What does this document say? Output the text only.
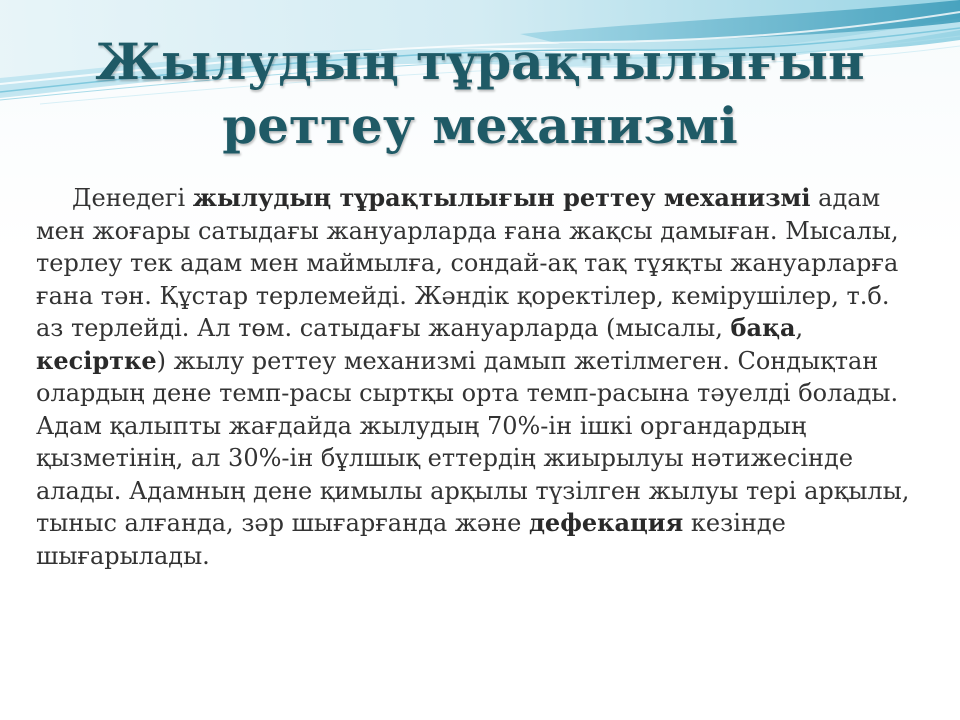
Жылудың тұрақтылығын
реттеу механизмі

Денедегі жылудың тұрақтылығын реттеу механизмі адам мен жоғары сатыдағы жануарларда ғана жақсы дамыған. Мысалы, терлеу тек адам мен маймылға, сондай-ақ тақ тұяқты жануарларға ғана тән. Құстар терлемейді. Жәндік қоректілер, кемірушілер, т.б. аз терлейді. Ал төм. сатыдағы жануарларда (мысалы, бақа, кесіртке) жылу реттеу механизмі дамып жетілмеген. Сондықтан олардың дене темп-расы сыртқы орта темп-расына тәуелді болады. Адам қалыпты жағдайда жылудың 70%-ін ішкі органдардың қызметінің, ал 30%-ін бұлшық еттердің жиырылуы нәтижесінде алады. Адамның дене қимылы арқылы түзілген жылуы тері арқылы, тыныс алғанда, зәр шығарғанда және дефекация кезінде шығарылады.
